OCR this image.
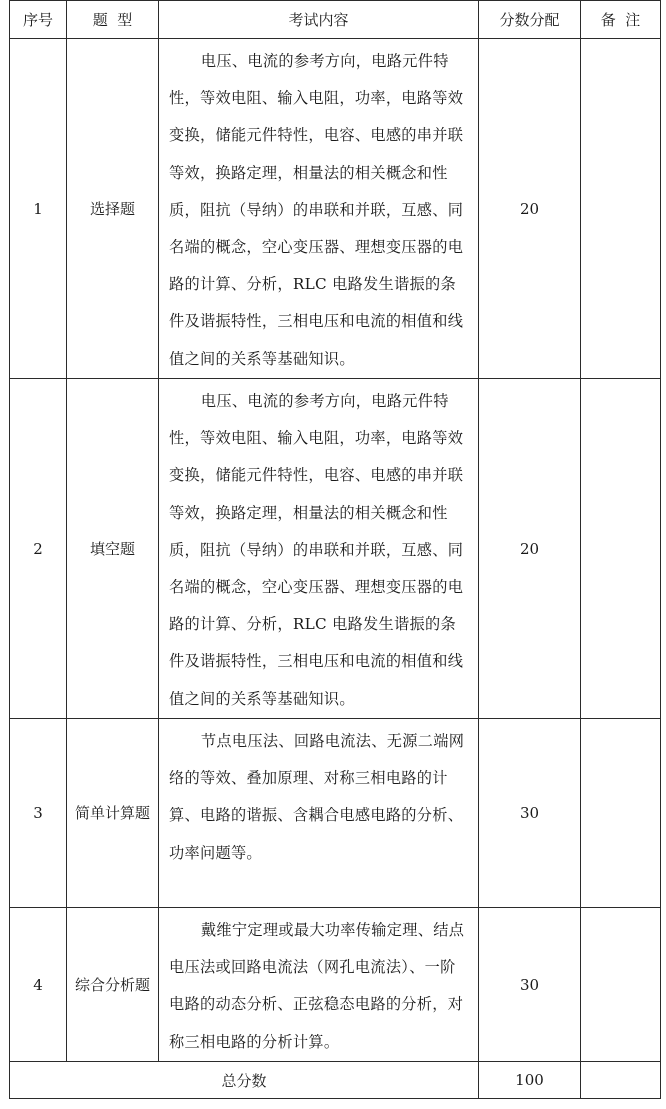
序号	题  型	考试内容	分数分配	备  注
1	选择题	电压、电流的参考方向，电路元件特性，等效电阻、输入电阻，功率，电路等效变换，储能元件特性，电容、电感的串并联等效，换路定理，相量法的相关概念和性质，阻抗（导纳）的串联和并联，互感、同名端的概念，空心变压器、理想变压器的电路的计算、分析，RLC 电路发生谐振的条件及谐振特性，三相电压和电流的相值和线值之间的关系等基础知识。	20	
2	填空题	电压、电流的参考方向，电路元件特性，等效电阻、输入电阻，功率，电路等效变换，储能元件特性，电容、电感的串并联等效，换路定理，相量法的相关概念和性质，阻抗（导纳）的串联和并联，互感、同名端的概念，空心变压器、理想变压器的电路的计算、分析，RLC 电路发生谐振的条件及谐振特性，三相电压和电流的相值和线值之间的关系等基础知识。	20	
3	简单计算题	节点电压法、回路电流法、无源二端网络的等效、叠加原理、对称三相电路的计算、电路的谐振、含耦合电感电路的分析、功率问题等。	30	
4	综合分析题	戴维宁定理或最大功率传输定理、结点电压法或回路电流法（网孔电流法）、一阶电路的动态分析、正弦稳态电路的分析，对称三相电路的分析计算。	30	
总分数			100	
